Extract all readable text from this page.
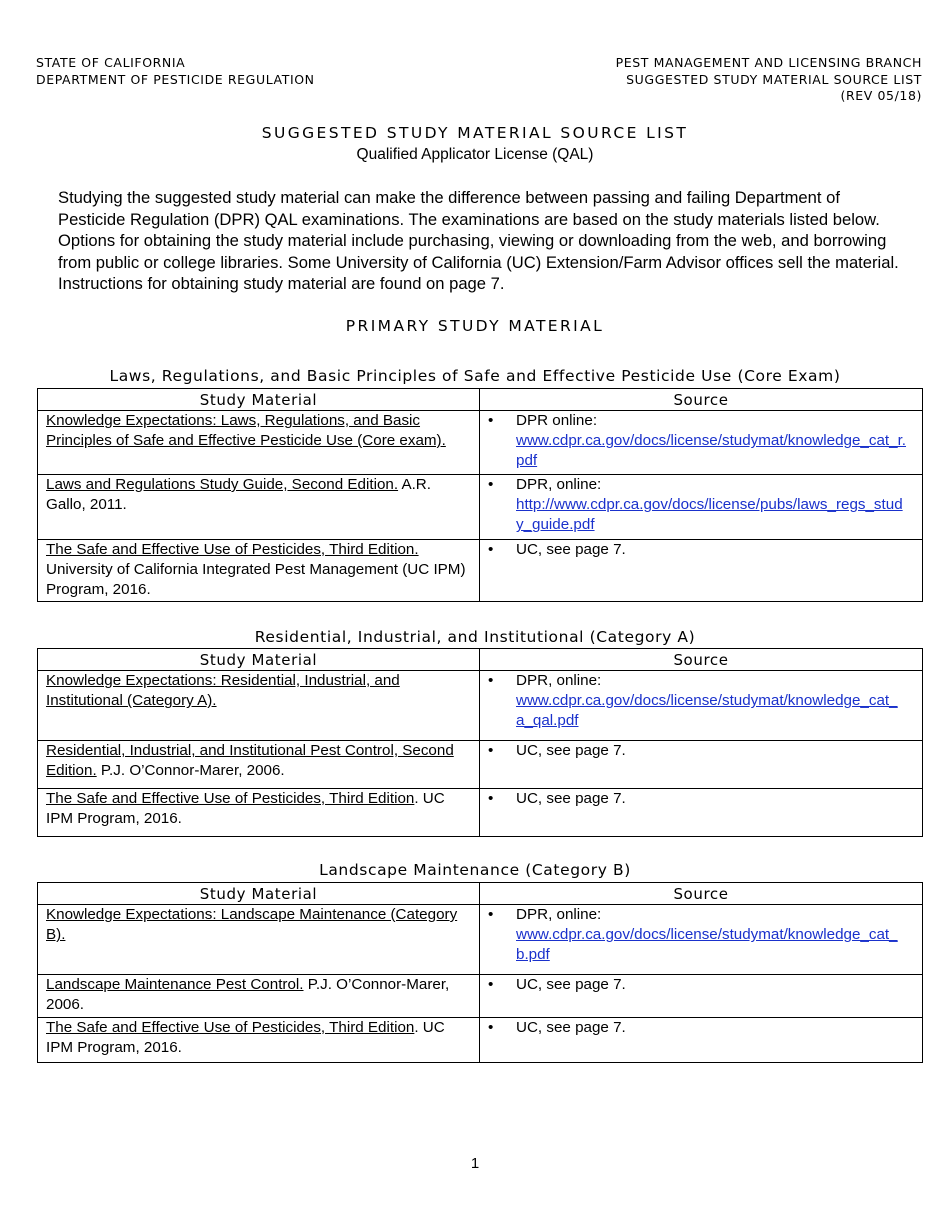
STATE OF CALIFORNIA
DEPARTMENT OF PESTICIDE REGULATION
PEST MANAGEMENT AND LICENSING BRANCH
SUGGESTED STUDY MATERIAL SOURCE LIST
(REV 05/18)
SUGGESTED STUDY MATERIAL SOURCE LIST
Qualified Applicator License (QAL)
Studying the suggested study material can make the difference between passing and failing Department of Pesticide Regulation (DPR) QAL examinations. The examinations are based on the study materials listed below. Options for obtaining the study material include purchasing, viewing or downloading from the web, and borrowing from public or college libraries. Some University of California (UC) Extension/Farm Advisor offices sell the material. Instructions for obtaining study material are found on page 7.
PRIMARY STUDY MATERIAL
Laws, Regulations, and Basic Principles of Safe and Effective Pesticide Use (Core Exam)
Study Material	Source
Knowledge Expectations: Laws, Regulations, and Basic Principles of Safe and Effective Pesticide Use (Core exam).	• DPR online:
www.cdpr.ca.gov/docs/license/studymat/knowledge_cat_r.pdf

Laws and Regulations Study Guide, Second Edition. A.R. Gallo, 2011.	• DPR, online:
http://www.cdpr.ca.gov/docs/license/pubs/laws_regs_study_guide.pdf

The Safe and Effective Use of Pesticides, Third Edition. University of California Integrated Pest Management (UC IPM) Program, 2016.	• UC, see page 7.
Residential, Industrial, and Institutional (Category A)
Study Material	Source
Knowledge Expectations: Residential, Industrial, and Institutional (Category A).	• DPR, online:
www.cdpr.ca.gov/docs/license/studymat/knowledge_cat_a_qal.pdf

Residential, Industrial, and Institutional Pest Control, Second Edition. P.J. O’Connor-Marer, 2006.	• UC, see page 7.

The Safe and Effective Use of Pesticides, Third Edition. UC IPM Program, 2016.	• UC, see page 7.
Landscape Maintenance (Category B)
Study Material	Source
Knowledge Expectations: Landscape Maintenance (Category B).	• DPR, online:
www.cdpr.ca.gov/docs/license/studymat/knowledge_cat_b.pdf

Landscape Maintenance Pest Control. P.J. O’Connor-Marer, 2006.	• UC, see page 7.

The Safe and Effective Use of Pesticides, Third Edition. UC IPM Program, 2016.	• UC, see page 7.
1
